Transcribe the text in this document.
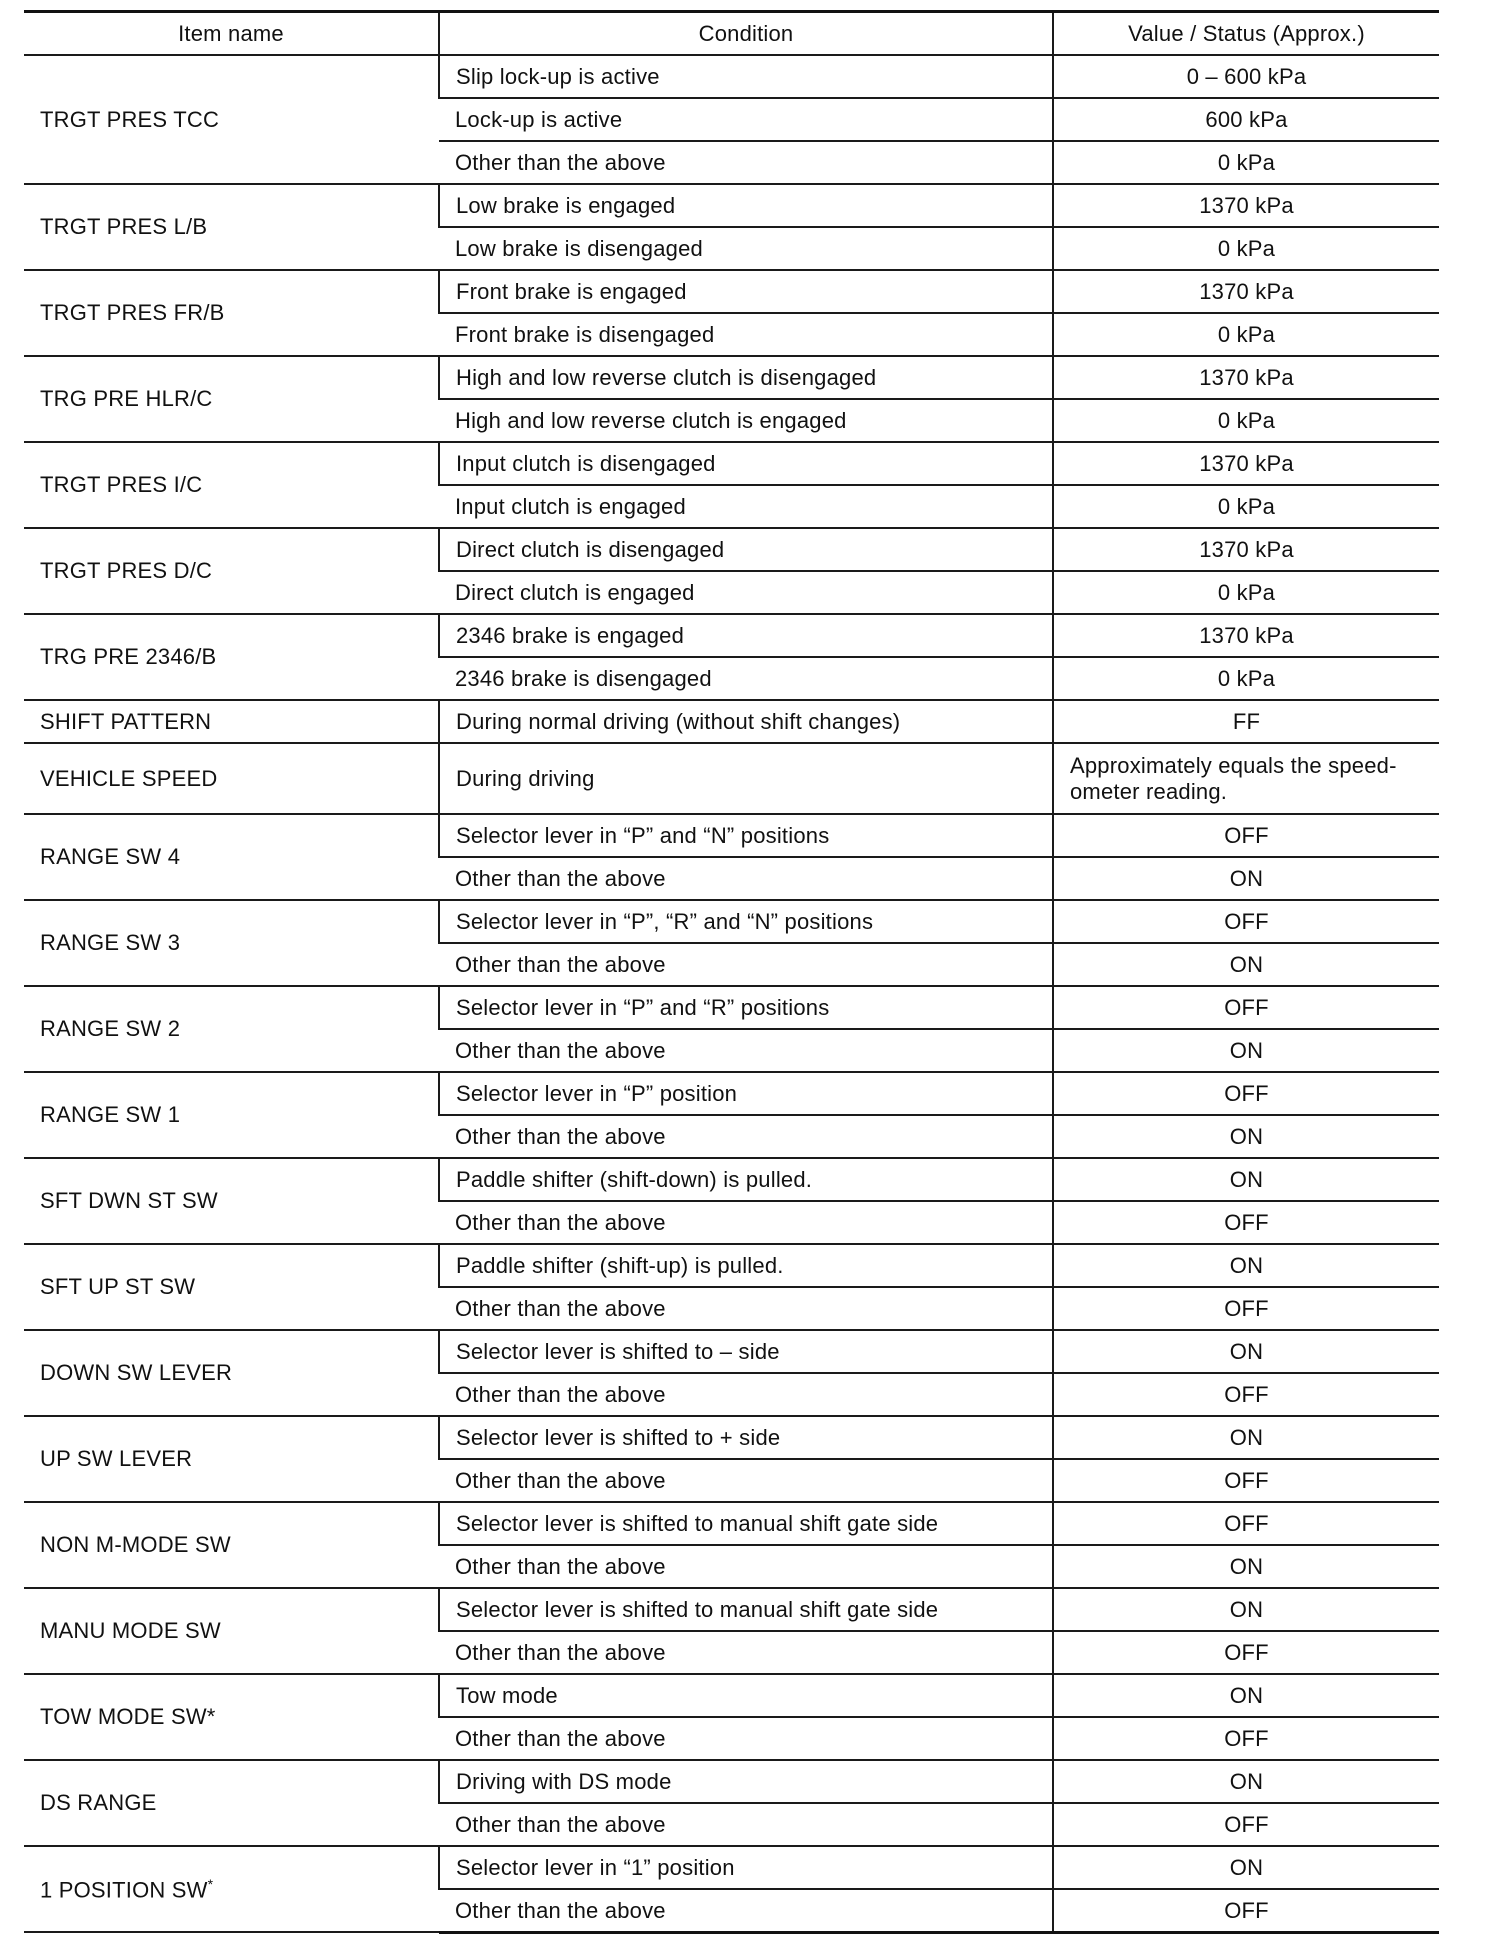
Item name	Condition	Value / Status (Approx.)
TRGT PRES TCC	Slip lock-up is active	0 – 600 kPa
	Lock-up is active	600 kPa
	Other than the above	0 kPa
TRGT PRES L/B	Low brake is engaged	1370 kPa
	Low brake is disengaged	0 kPa
TRGT PRES FR/B	Front brake is engaged	1370 kPa
	Front brake is disengaged	0 kPa
TRG PRE HLR/C	High and low reverse clutch is disengaged	1370 kPa
	High and low reverse clutch is engaged	0 kPa
TRGT PRES I/C	Input clutch is disengaged	1370 kPa
	Input clutch is engaged	0 kPa
TRGT PRES D/C	Direct clutch is disengaged	1370 kPa
	Direct clutch is engaged	0 kPa
TRG PRE 2346/B	2346 brake is engaged	1370 kPa
	2346 brake is disengaged	0 kPa
SHIFT PATTERN	During normal driving (without shift changes)	FF
VEHICLE SPEED	During driving	Approximately equals the speed-
ometer reading.

RANGE SW 4	Selector lever in “P” and “N” positions	OFF
	Other than the above	ON
RANGE SW 3	Selector lever in “P”, “R” and “N” positions	OFF
	Other than the above	ON
RANGE SW 2	Selector lever in “P” and “R” positions	OFF
	Other than the above	ON
RANGE SW 1	Selector lever in “P” position	OFF
	Other than the above	ON
SFT DWN ST SW	Paddle shifter (shift-down) is pulled.	ON
	Other than the above	OFF
SFT UP ST SW	Paddle shifter (shift-up) is pulled.	ON
	Other than the above	OFF
DOWN SW LEVER	Selector lever is shifted to – side	ON
	Other than the above	OFF
UP SW LEVER	Selector lever is shifted to + side	ON
	Other than the above	OFF
NON M-MODE SW	Selector lever is shifted to manual shift gate side	OFF
	Other than the above	ON
MANU MODE SW	Selector lever is shifted to manual shift gate side	ON
	Other than the above	OFF
TOW MODE SW*	Tow mode	ON
	Other than the above	OFF
DS RANGE	Driving with DS mode	ON
	Other than the above	OFF
1 POSITION SW*	Selector lever in “1” position	ON
	Other than the above	OFF
